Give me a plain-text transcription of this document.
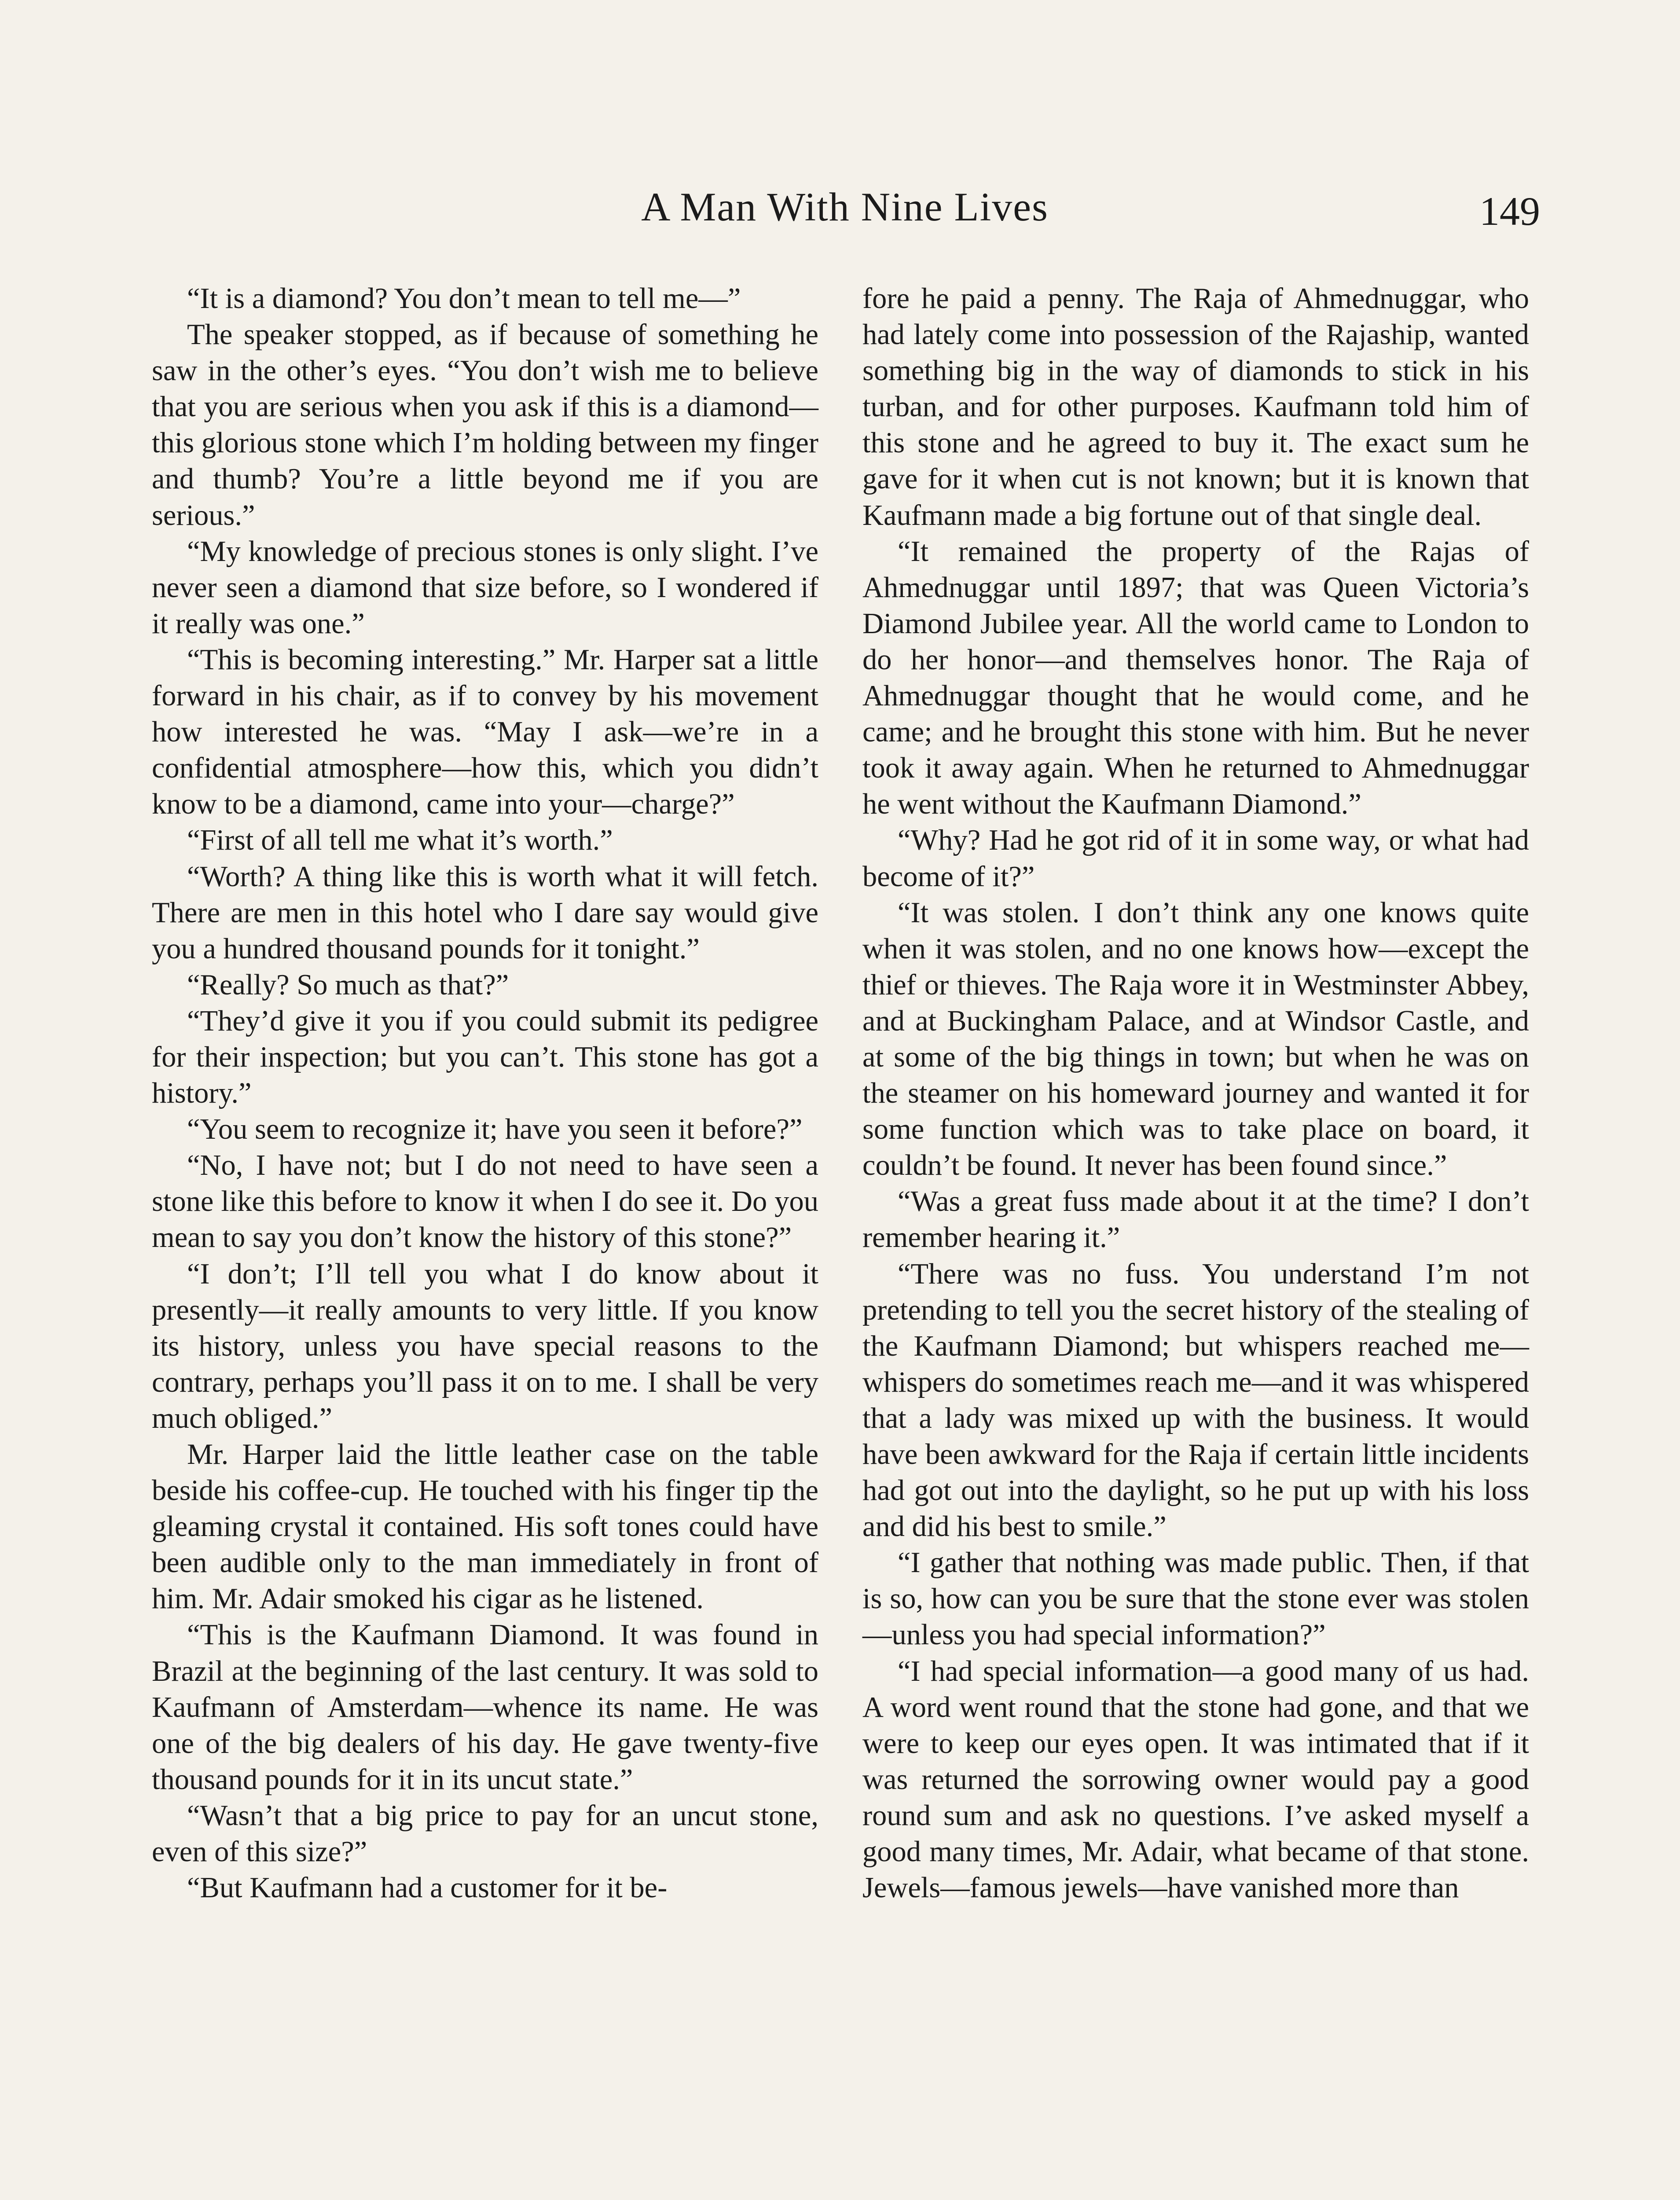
A Man With Nine Lives	149

“It is a diamond? You don’t mean to tell me—”

The speaker stopped, as if because of something he saw in the other’s eyes. “You don’t wish me to believe that you are serious when you ask if this is a diamond—this glorious stone which I’m holding between my finger and thumb? You’re a little beyond me if you are serious.”

“My knowledge of precious stones is only slight. I’ve never seen a diamond that size before, so I wondered if it really was one.”

“This is becoming interesting.” Mr. Harper sat a little forward in his chair, as if to convey by his movement how interested he was. “May I ask—we’re in a confidential atmosphere—how this, which you didn’t know to be a diamond, came into your—charge?”

“First of all tell me what it’s worth.”

“Worth? A thing like this is worth what it will fetch. There are men in this hotel who I dare say would give you a hundred thousand pounds for it tonight.”

“Really? So much as that?”

“They’d give it you if you could submit its pedigree for their inspection; but you can’t. This stone has got a history.”

“You seem to recognize it; have you seen it before?”

“No, I have not; but I do not need to have seen a stone like this before to know it when I do see it. Do you mean to say you don’t know the history of this stone?”

“I don’t; I’ll tell you what I do know about it presently—it really amounts to very little. If you know its history, unless you have special reasons to the contrary, perhaps you’ll pass it on to me. I shall be very much obliged.”

Mr. Harper laid the little leather case on the table beside his coffee-cup. He touched with his finger tip the gleaming crystal it contained. His soft tones could have been audible only to the man immediately in front of him. Mr. Adair smoked his cigar as he listened.

“This is the Kaufmann Diamond. It was found in Brazil at the beginning of the last century. It was sold to Kaufmann of Amsterdam—whence its name. He was one of the big dealers of his day. He gave twenty-five thousand pounds for it in its uncut state.”

“Wasn’t that a big price to pay for an uncut stone, even of this size?”

“But Kaufmann had a customer for it be-

fore he paid a penny. The Raja of Ahmednuggar, who had lately come into possession of the Rajaship, wanted something big in the way of diamonds to stick in his turban, and for other purposes. Kaufmann told him of this stone and he agreed to buy it. The exact sum he gave for it when cut is not known; but it is known that Kaufmann made a big fortune out of that single deal.

“It remained the property of the Rajas of Ahmednuggar until 1897; that was Queen Victoria’s Diamond Jubilee year. All the world came to London to do her honor—and themselves honor. The Raja of Ahmednuggar thought that he would come, and he came; and he brought this stone with him. But he never took it away again. When he returned to Ahmednuggar he went without the Kaufmann Diamond.”

“Why? Had he got rid of it in some way, or what had become of it?”

“It was stolen. I don’t think any one knows quite when it was stolen, and no one knows how—except the thief or thieves. The Raja wore it in Westminster Abbey, and at Buckingham Palace, and at Windsor Castle, and at some of the big things in town; but when he was on the steamer on his homeward journey and wanted it for some function which was to take place on board, it couldn’t be found. It never has been found since.”

“Was a great fuss made about it at the time? I don’t remember hearing it.”

“There was no fuss. You understand I’m not pretending to tell you the secret history of the stealing of the Kaufmann Diamond; but whispers reached me—whispers do sometimes reach me—and it was whispered that a lady was mixed up with the business. It would have been awkward for the Raja if certain little incidents had got out into the daylight, so he put up with his loss and did his best to smile.”

“I gather that nothing was made public. Then, if that is so, how can you be sure that the stone ever was stolen—unless you had special information?”

“I had special information—a good many of us had. A word went round that the stone had gone, and that we were to keep our eyes open. It was intimated that if it was returned the sorrowing owner would pay a good round sum and ask no questions. I’ve asked myself a good many times, Mr. Adair, what became of that stone. Jewels—famous jewels—have vanished more than
